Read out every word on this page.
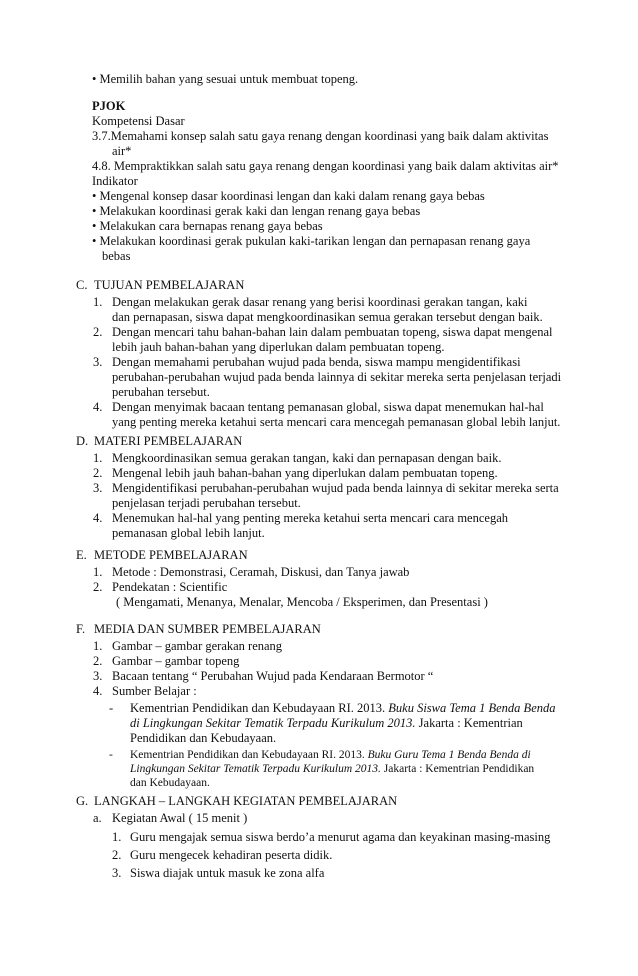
• Memilih bahan yang sesuai untuk membuat topeng.
PJOK
Kompetensi Dasar
3.7.Memahami konsep salah satu gaya renang dengan koordinasi yang baik dalam aktivitas
air*
4.8. Mempraktikkan salah satu gaya renang dengan koordinasi yang baik dalam aktivitas air*
Indikator
• Mengenal konsep dasar koordinasi lengan dan kaki dalam renang gaya bebas
• Melakukan koordinasi gerak kaki dan lengan renang gaya bebas
• Melakukan cara bernapas renang gaya bebas
• Melakukan koordinasi gerak pukulan kaki-tarikan lengan dan pernapasan renang gaya
bebas
C. TUJUAN PEMBELAJARAN
1. Dengan melakukan gerak dasar renang yang berisi koordinasi gerakan tangan, kaki
dan pernapasan, siswa dapat mengkoordinasikan semua gerakan tersebut dengan baik.
2. Dengan mencari tahu bahan-bahan lain dalam pembuatan topeng, siswa dapat mengenal
lebih jauh bahan-bahan yang diperlukan dalam pembuatan topeng.
3. Dengan memahami perubahan wujud pada benda, siswa mampu mengidentifikasi
perubahan-perubahan wujud pada benda lainnya di sekitar mereka serta penjelasan terjadi
perubahan tersebut.
4. Dengan menyimak bacaan tentang pemanasan global, siswa dapat menemukan hal-hal
yang penting mereka ketahui serta mencari cara mencegah pemanasan global lebih lanjut.
D. MATERI PEMBELAJARAN
1. Mengkoordinasikan semua gerakan tangan, kaki dan pernapasan dengan baik.
2. Mengenal lebih jauh bahan-bahan yang diperlukan dalam pembuatan topeng.
3. Mengidentifikasi perubahan-perubahan wujud pada benda lainnya di sekitar mereka serta
penjelasan terjadi perubahan tersebut.
4. Menemukan hal-hal yang penting mereka ketahui serta mencari cara mencegah
pemanasan global lebih lanjut.
E. METODE PEMBELAJARAN
1. Metode : Demonstrasi, Ceramah, Diskusi, dan Tanya jawab
2. Pendekatan : Scientific
( Mengamati, Menanya, Menalar, Mencoba / Eksperimen, dan Presentasi )
F. MEDIA DAN SUMBER PEMBELAJARAN
1. Gambar – gambar gerakan renang
2. Gambar – gambar topeng
3. Bacaan tentang “ Perubahan Wujud pada Kendaraan Bermotor “
4. Sumber Belajar :
- Kementrian Pendidikan dan Kebudayaan RI. 2013. Buku Siswa Tema 1 Benda Benda
di Lingkungan Sekitar Tematik Terpadu Kurikulum 2013. Jakarta : Kementrian
Pendidikan dan Kebudayaan.
- Kementrian Pendidikan dan Kebudayaan RI. 2013. Buku Guru Tema 1 Benda Benda di
Lingkungan Sekitar Tematik Terpadu Kurikulum 2013. Jakarta : Kementrian Pendidikan
dan Kebudayaan.
G. LANGKAH – LANGKAH KEGIATAN PEMBELAJARAN
a. Kegiatan Awal ( 15 menit )
1. Guru mengajak semua siswa berdo’a menurut agama dan keyakinan masing-masing
2. Guru mengecek kehadiran peserta didik.
3. Siswa diajak untuk masuk ke zona alfa
